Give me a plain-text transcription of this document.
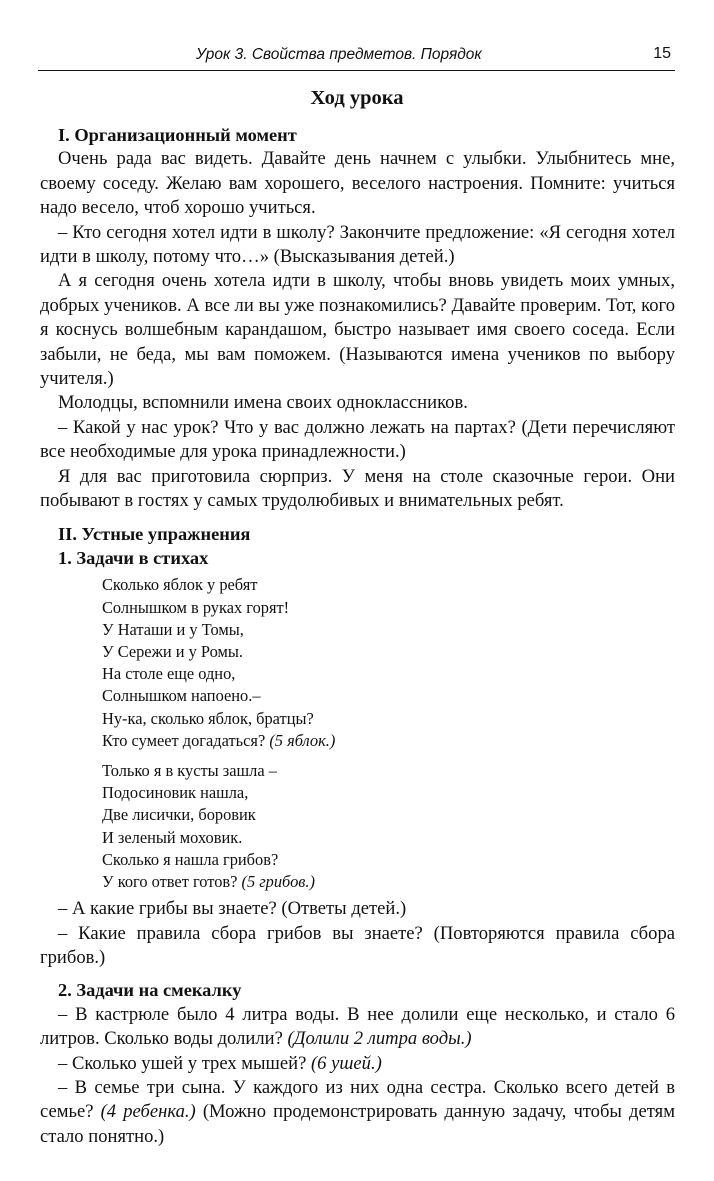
Урок 3. Свойства предметов. Порядок	15
Ход урока

I. Организационный момент

Очень рада вас видеть. Давайте день начнем с улыбки. Улыбнитесь мне, своему соседу. Желаю вам хорошего, веселого настроения. Помните: учиться надо весело, чтоб хорошо учиться.

– Кто сегодня хотел идти в школу? Закончите предложение: «Я сегодня хотел идти в школу, потому что…» (Высказывания детей.)

А я сегодня очень хотела идти в школу, чтобы вновь увидеть моих умных, добрых учеников. А все ли вы уже познакомились? Давайте проверим. Тот, кого я коснусь волшебным карандашом, быстро называет имя своего соседа. Если забыли, не беда, мы вам поможем. (Называются имена учеников по выбору учителя.)

Молодцы, вспомнили имена своих одноклассников.

– Какой у нас урок? Что у вас должно лежать на партах? (Дети перечисляют все необходимые для урока принадлежности.)

Я для вас приготовила сюрприз. У меня на столе сказочные герои. Они побывают в гостях у самых трудолюбивых и внимательных ребят.

II. Устные упражнения

1. Задачи в стихах

Сколько яблок у ребят
Солнышком в руках горят!
У Наташи и у Томы,
У Сережи и у Ромы.
На столе еще одно,
Солнышком напоено.–
Ну-ка, сколько яблок, братцы?
Кто сумеет догадаться? (5 яблок.)
Только я в кусты зашла –
Подосиновик нашла,
Две лисички, боровик
И зеленый моховик.
Сколько я нашла грибов?
У кого ответ готов? (5 грибов.)

– А какие грибы вы знаете? (Ответы детей.)

– Какие правила сбора грибов вы знаете? (Повторяются правила сбора грибов.)

2. Задачи на смекалку

– В кастрюле было 4 литра воды. В нее долили еще несколько, и стало 6 литров. Сколько воды долили? (Долили 2 литра воды.)

– Сколько ушей у трех мышей? (6 ушей.)

– В семье три сына. У каждого из них одна сестра. Сколько всего детей в семье? (4 ребенка.) (Можно продемонстрировать данную задачу, чтобы детям стало понятно.)
